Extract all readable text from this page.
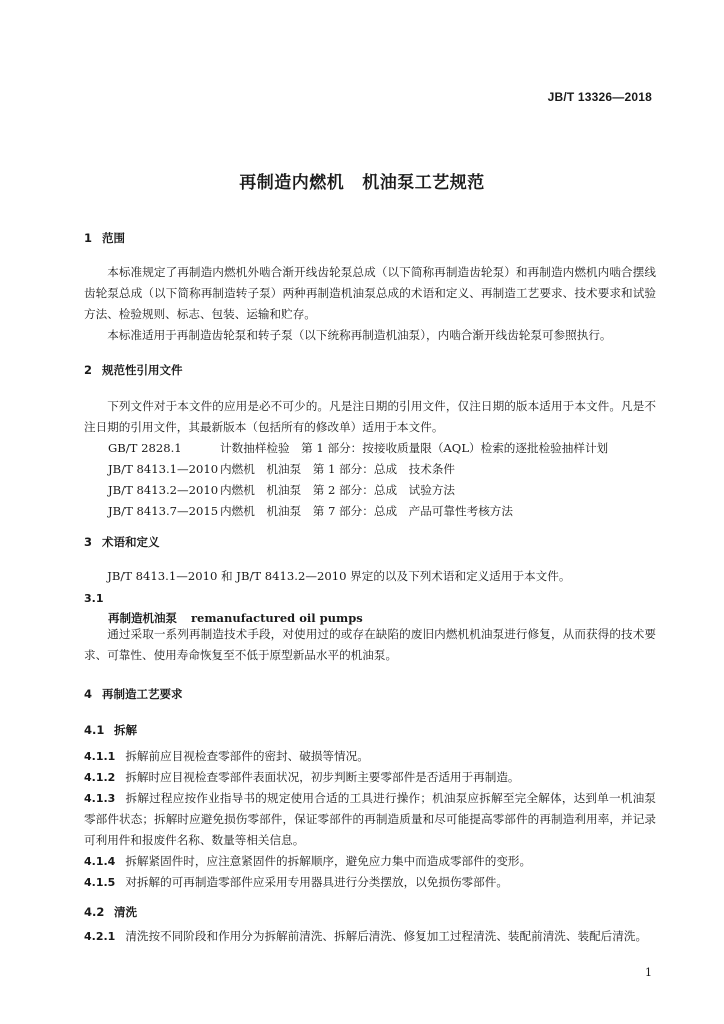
JB/T 13326—2018
再制造内燃机 机油泵工艺规范
1 范围

本标准规定了再制造内燃机外啮合渐开线齿轮泵总成（以下简称再制造齿轮泵）和再制造内燃机内啮合摆线齿轮泵总成（以下简称再制造转子泵）两种再制造机油泵总成的术语和定义、再制造工艺要求、技术要求和试验方法、检验规则、标志、包装、运输和贮存。

本标准适用于再制造齿轮泵和转子泵（以下统称再制造机油泵），内啮合渐开线齿轮泵可参照执行。

2 规范性引用文件

下列文件对于本文件的应用是必不可少的。凡是注日期的引用文件，仅注日期的版本适用于本文件。凡是不注日期的引用文件，其最新版本（包括所有的修改单）适用于本文件。

GB/T 2828.1	计数抽样检验　第 1 部分：按接收质量限（AQL）检索的逐批检验抽样计划
JB/T 8413.1—2010 内燃机　机油泵　第 1 部分：总成　技术条件
JB/T 8413.2—2010 内燃机　机油泵　第 2 部分：总成　试验方法
JB/T 8413.7—2015 内燃机　机油泵　第 7 部分：总成　产品可靠性考核方法
3 术语和定义

JB/T 8413.1—2010 和 JB/T 8413.2—2010 界定的以及下列术语和定义适用于本文件。

3.1
再制造机油泵 remanufactured oil pumps

通过采取一系列再制造技术手段，对使用过的或存在缺陷的废旧内燃机机油泵进行修复，从而获得的技术要求、可靠性、使用寿命恢复至不低于原型新品水平的机油泵。

4 再制造工艺要求
4.1 拆解

4.1.1 拆解前应目视检查零部件的密封、破损等情况。

4.1.2 拆解时应目视检查零部件表面状况，初步判断主要零部件是否适用于再制造。

4.1.3 拆解过程应按作业指导书的规定使用合适的工具进行操作；机油泵应拆解至完全解体，达到单一机油泵零部件状态；拆解时应避免损伤零部件，保证零部件的再制造质量和尽可能提高零部件的再制造利用率，并记录可利用件和报废件名称、数量等相关信息。

4.1.4 拆解紧固件时，应注意紧固件的拆解顺序，避免应力集中而造成零部件的变形。

4.1.5 对拆解的可再制造零部件应采用专用器具进行分类摆放，以免损伤零部件。

4.2 清洗

4.2.1 清洗按不同阶段和作用分为拆解前清洗、拆解后清洗、修复加工过程清洗、装配前清洗、装配后清洗。

1
